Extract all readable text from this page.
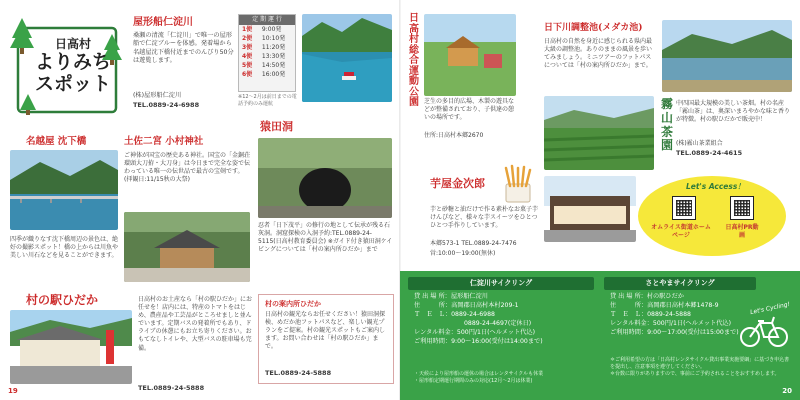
日高村
よりみち
スポット
屋形船仁淀川
桑瀬の清流「仁淀川」で唯一の屋形船で仁淀ブルーを体感。発着場から名越屋沈下橋付近までのんびり50分は遊覧します。
(株)屋形船仁淀川
TEL.0889-24-6988
定 期 運 行
1便	9:00発
2便	10:10発
3便	11:20発
4便	13:30発
5便	14:50発
6便	16:00発
※12～2月は前日までの電話予約のみ運航
名越屋 沈下橋
四季が織りなす沈下橋周辺の景色は、絶好の撮影スポット！橋の上からは川魚や美しい川石などを見ることができます。
土佐二宮 小村神社
ご神体が国宝の歴史ある神社。国宝の「金銅荘環頭大刀拵・大刀身」は今日まで完全な姿で伝わっている唯一の伝世品で最古の宝剣です。(拝観日:11/15秋の大祭)
猿田洞
忍者「日下茂平」の修行の地として伝承が残る石灰洞。洞窟探検の入洞予約:TEL.0889-24-5115(日高村教育委員会) ※ガイド付き猿田洞ケイビングについては「村の案内所ひだか」まで
村の駅ひだか	日高村のお土産なら「村の駅ひだか」にお任せを！店内には、特産のトマトをはじめ、農産品や工芸品がところせましと並んでいます。定期バスの発着所でもあり、ドライブの休憩にもお立ち寄りください。おもてなしトイレや、大型バスの駐車場も完備。
TEL.0889-24-5888
村の案内所ひだか
日高村の観光ならお任せください！猿田洞探検、めだか池フットパスなど、楽しい観光プランをご提案。村の観光スポットもご案内します。お問い合わせは「村の駅ひだか」まで。
TEL.0889-24-5888
19
日高村総合運動公園 芝生の多目的広場、木製の遊具などが整備されており、子供達の憩いの場所です。
住所:日高村本郷2670
日下川調整池(メダカ池)
日高村の自然を身近に感じられる県内最大級の調整池。ありのままの風景を歩いてみましょう。ミニツアーのフットパスについては「村の案内所ひだか」まで。
霧山茶園
中四国最大規模の美しい茶畑。村の名産「霧山茶」は、奥深いまろやかな味と香りが特徴。村の駅ひだかで販売中！
(株)霧山茶業組合
TEL.0889-24-4615
芋屋金次郎
芋と砂糖と油だけで作る素朴なお菓子芋けんぴなど、様々な芋スイーツをひとつひとつ手作りしています。
本郷573-1 TEL.0889-24-7476
営:10:00～19:00(無休)
Let's Access！
オムライス街道ホームページ
日高村PR動画
仁淀川サイクリング
貸 出 場 所：屋形船仁淀川
住　　　所：高岡郡日高村本村209-1
Ｔ　Ｅ　Ｌ：0889-24-6988
0889-24-4697(定休日)
レンタル料金：500円/1日(ヘルメット代込)
ご利用時間：9:00～16:00(受付は14:00まで)
・天候により屋形船の運休の場合はレンタサイクルも休業
・屋形船定期運行期間のみの対応(12月～2月は休業)
さとやまサイクリング
貸 出 場 所：村の駅ひだか
住　　　所：高岡郡日高村本郷1478-9
Ｔ　Ｅ　Ｌ：0889-24-5888
レンタル料金：500円/1日(ヘルメット代込)
ご利用時間：9:00～17:00(受付は15:00まで)
＊ご利用希望の方は「日高村レンタサイクル貸出事業実施要綱」に基づき申込書を提出し、注意事項を遵守してください。
＊台数に限りがありますので、事前にご予約されることをおすすめします。
Let's Cycling!
20
